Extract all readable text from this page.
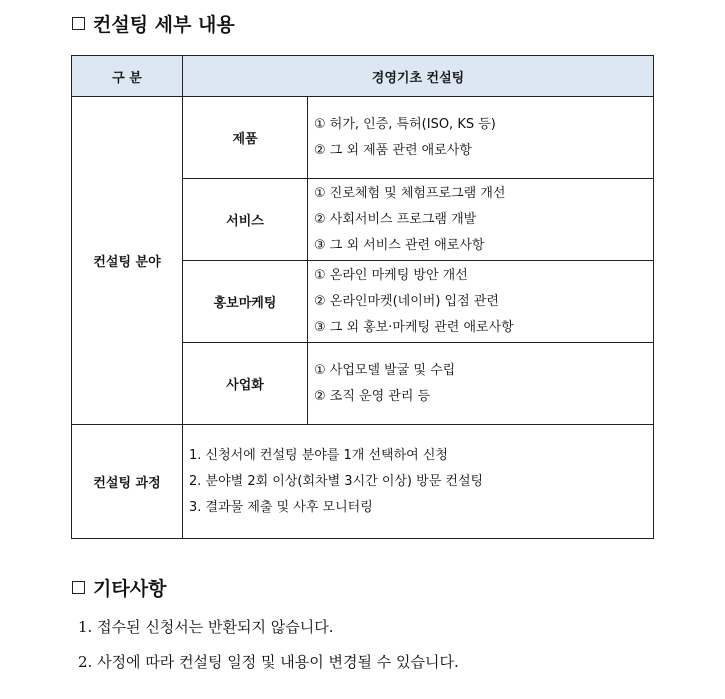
컨설팅 세부 내용
구 분	경영기초 컨설팅	
컨설팅 분야	제품	① 허가, 인증, 특허(ISO, KS 등)
② 그 외 제품 관련 애로사항

	서비스	① 진로체험 및 체험프로그램 개선
② 사회서비스 프로그램 개발
③ 그 외 서비스 관련 애로사항

	홍보마케팅	① 온라인 마케팅 방안 개선
② 온라인마켓(네이버) 입점 관련
③ 그 외 홍보·마케팅 관련 애로사항

	사업화	① 사업모델 발굴 및 수립
② 조직 운영 관리 등

컨설팅 과정	1. 신청서에 컨설팅 분야를 1개 선택하여 신청
2. 분야별 2회 이상(회차별 3시간 이상) 방문 컨설팅
3. 결과물 제출 및 사후 모니터링	
기타사항
1. 접수된 신청서는 반환되지 않습니다.
2. 사정에 따라 컨설팅 일정 및 내용이 변경될 수 있습니다.
